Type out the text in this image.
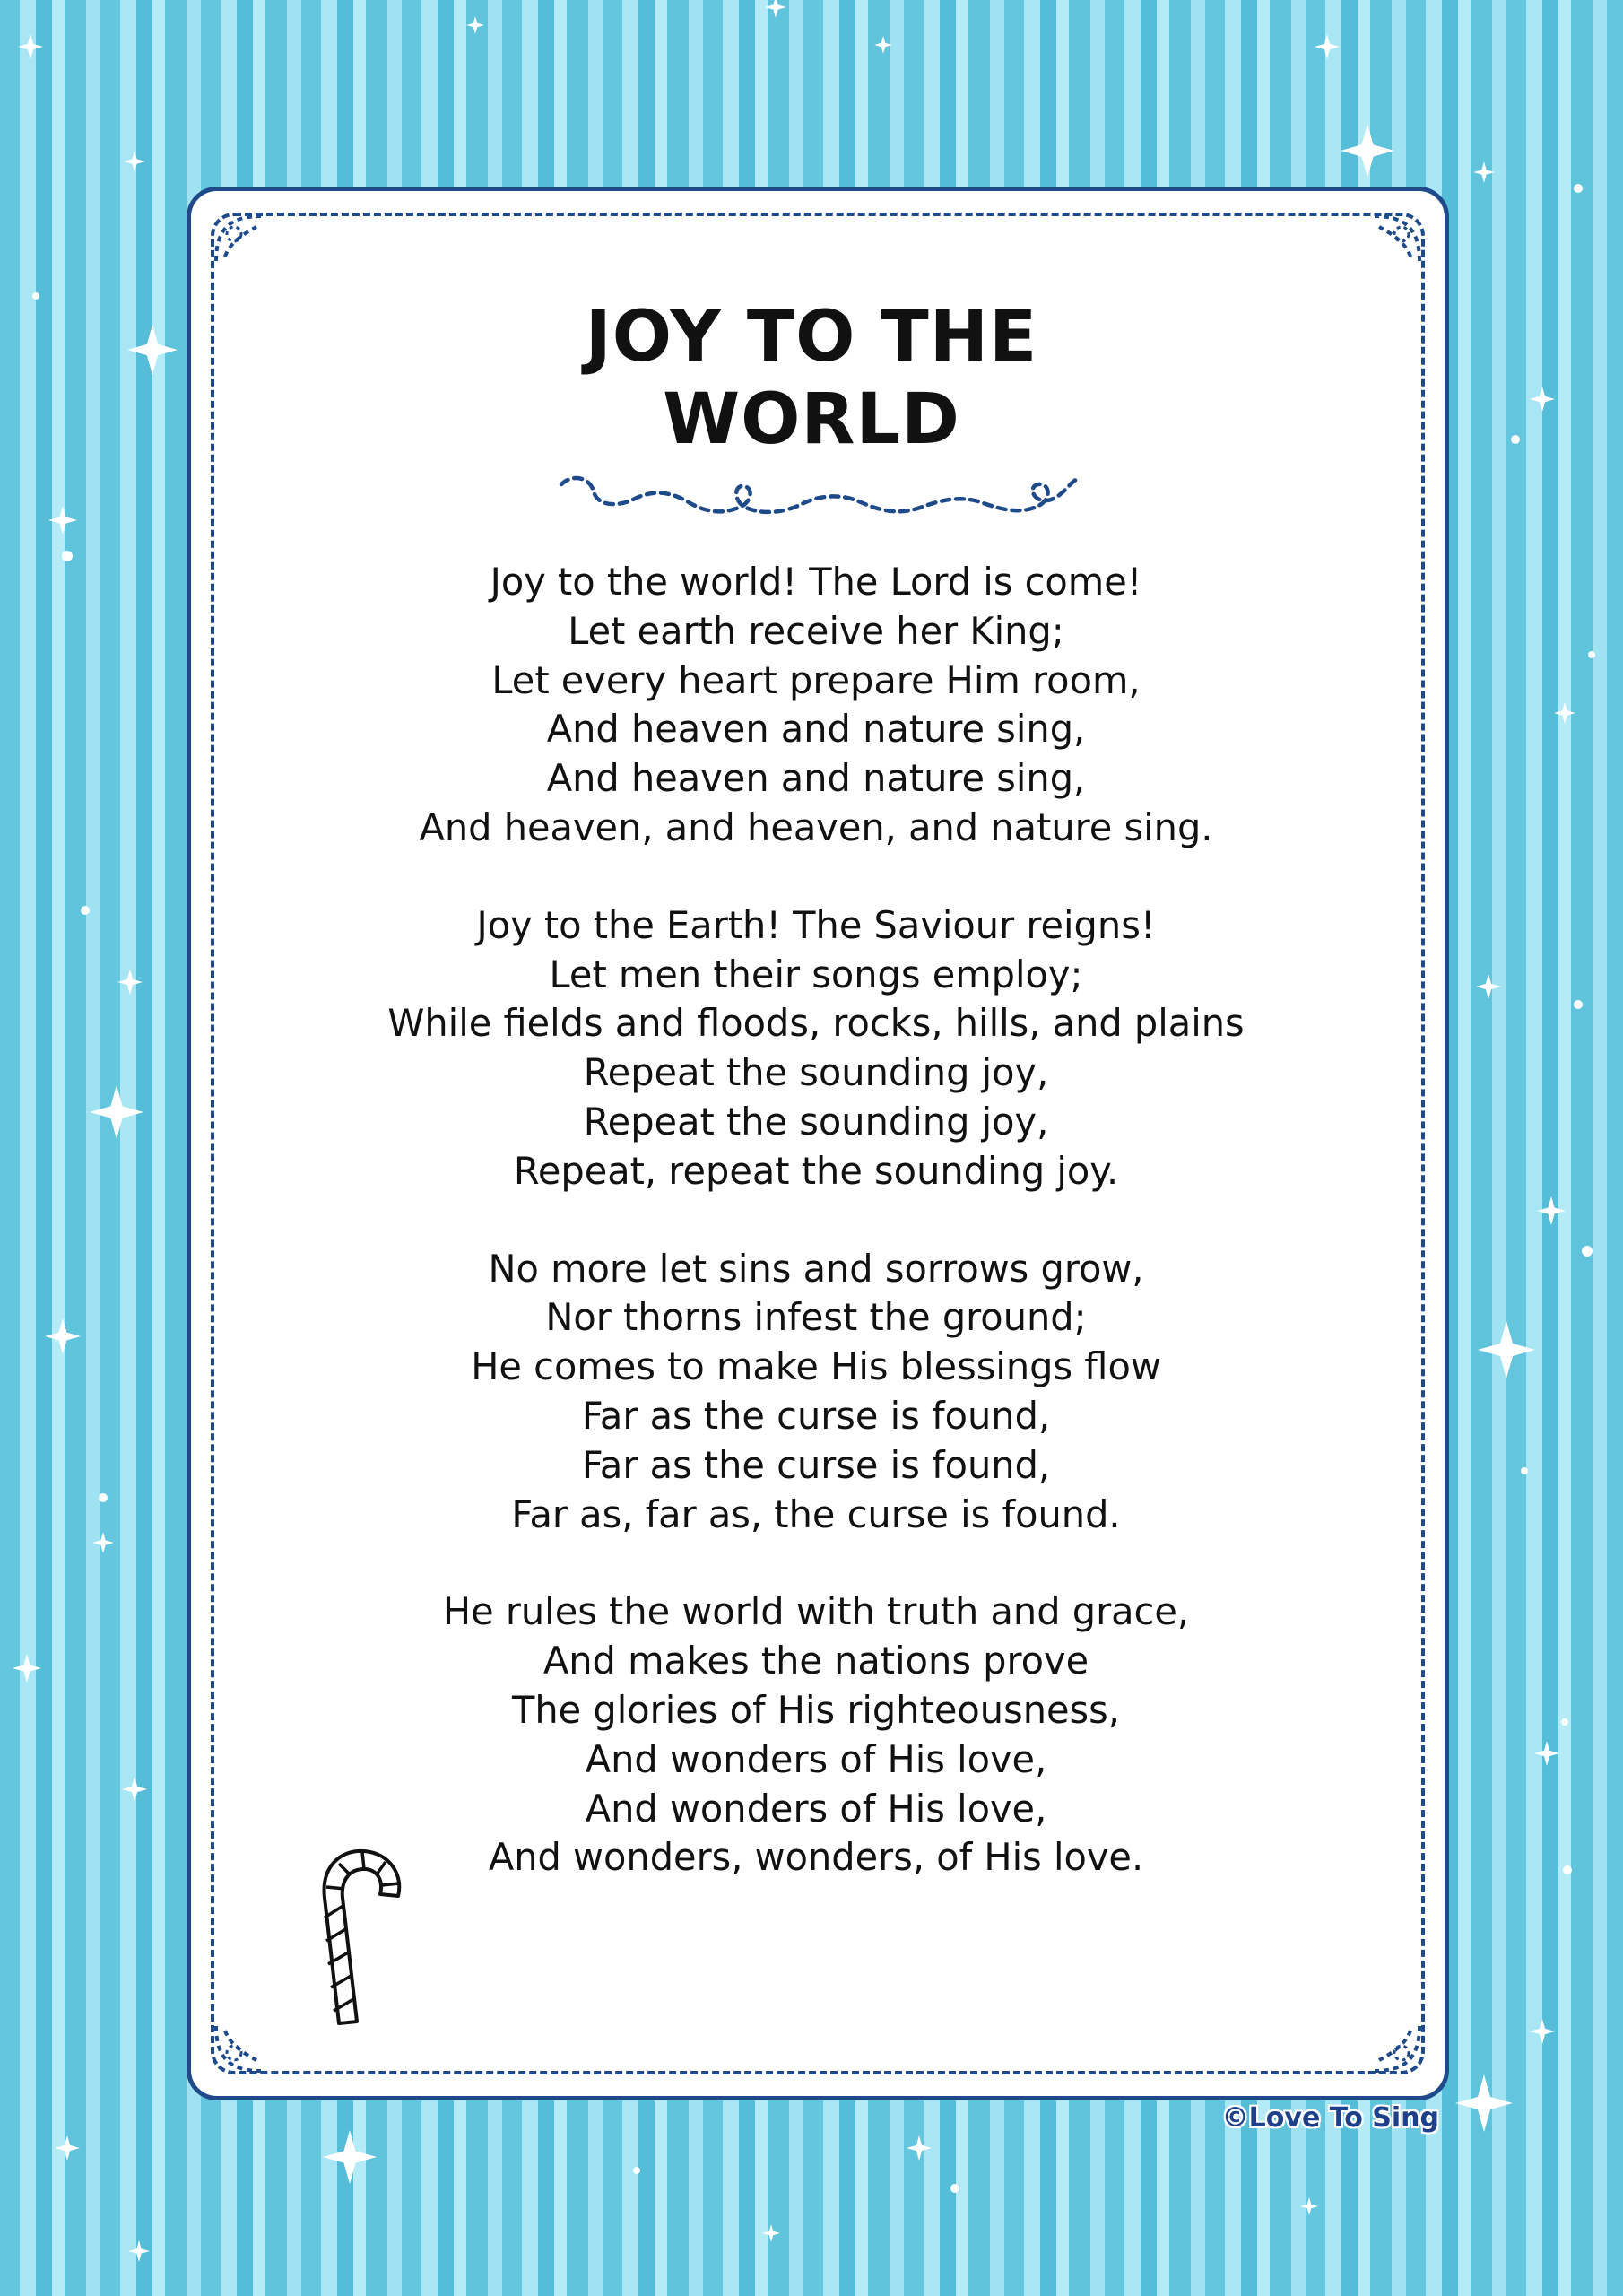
JOY TO THE
WORLD
Joy to the world! The Lord is come!
Let earth receive her King;
Let every heart prepare Him room,
And heaven and nature sing,
And heaven and nature sing,
And heaven, and heaven, and nature sing.
Joy to the Earth! The Saviour reigns!
Let men their songs employ;
While fields and floods, rocks, hills, and plains
Repeat the sounding joy,
Repeat the sounding joy,
Repeat, repeat the sounding joy.
No more let sins and sorrows grow,
Nor thorns infest the ground;
He comes to make His blessings flow
Far as the curse is found,
Far as the curse is found,
Far as, far as, the curse is found.
He rules the world with truth and grace,
And makes the nations prove
The glories of His righteousness,
And wonders of His love,
And wonders of His love,
And wonders, wonders, of His love.
©Love To Sing
